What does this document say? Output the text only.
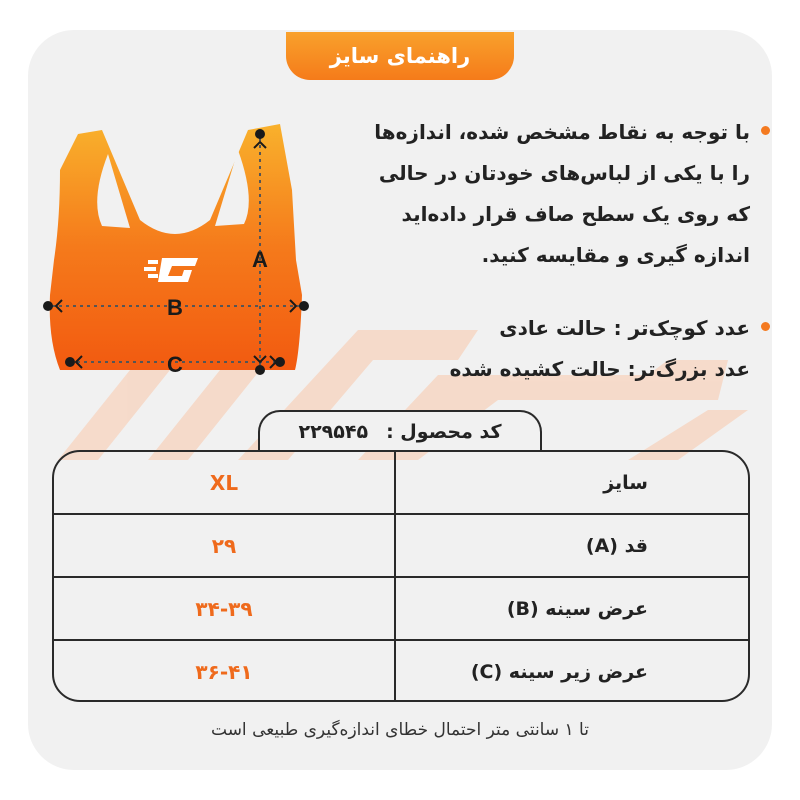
راهنمای سایز
A
B
C
با توجه به نقاط مشخص شده، اندازه‌ها
را با یکی از لباس‌های خودتان در حالی
که روی یک سطح صاف قرار داده‌اید
اندازه گیری و مقایسه کنید.
عدد کوچک‌تر : حالت عادی
عدد بزرگ‌تر: حالت کشیده شده
کد محصول :
۲۲۹۵۴۵
سایز
XL
قد (A)
۲۹
عرض سینه (B)
۳۴-۳۹
عرض زیر سینه (C)
۳۶-۴۱
تا ۱ سانتی متر احتمال خطای اندازه‌گیری طبیعی است
